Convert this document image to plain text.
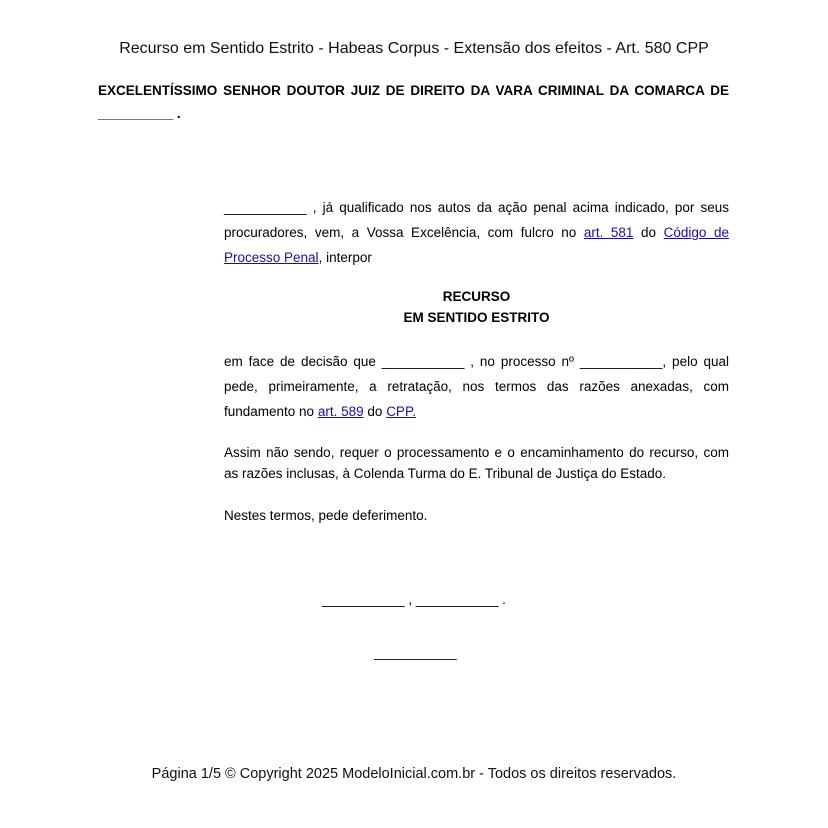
Recurso em Sentido Estrito - Habeas Corpus - Extensão dos efeitos - Art. 580 CPP
EXCELENTÍSSIMO SENHOR DOUTOR JUIZ DE DIREITO DA VARA CRIMINAL DA COMARCA DE __________ .
___________ , já qualificado nos autos da ação penal acima indicado, por seus procuradores, vem, a Vossa Excelência, com fulcro no art. 581 do Código de Processo Penal, interpor
RECURSO
EM SENTIDO ESTRITO
em face de decisão que ___________ , no processo nº ___________, pelo qual pede, primeiramente, a retratação, nos termos das razões anexadas, com fundamento no art. 589 do CPP.
Assim não sendo, requer o processamento e o encaminhamento do recurso, com as razões inclusas, à Colenda Turma do E. Tribunal de Justiça do Estado.
Nestes termos, pede deferimento.
___________ , ___________ .
___________
Página 1/5 © Copyright 2025 ModeloInicial.com.br - Todos os direitos reservados.
